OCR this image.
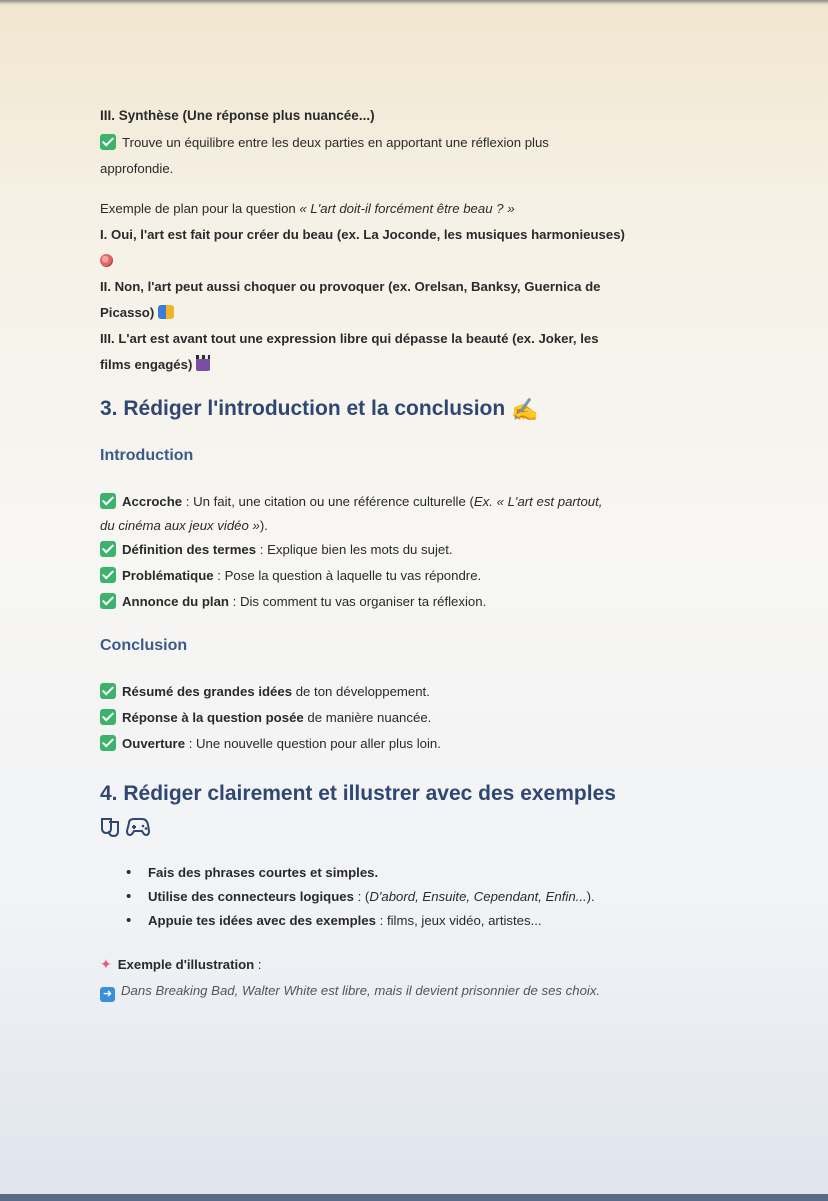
III. Synthèse (Une réponse plus nuancée...)

Trouve un équilibre entre les deux parties en apportant une réflexion plus

approfondie.

Exemple de plan pour la question « L'art doit-il forcément être beau ? »

I. Oui, l'art est fait pour créer du beau (ex. La Joconde, les musiques harmonieuses)

II. Non, l'art peut aussi choquer ou provoquer (ex. Orelsan, Banksy, Guernica de

Picasso)

III. L'art est avant tout une expression libre qui dépasse la beauté (ex. Joker, les

films engagés)

3. Rédiger l'introduction et la conclusion ✍

Introduction

Accroche : Un fait, une citation ou une référence culturelle (Ex. « L'art est partout,

du cinéma aux jeux vidéo »).

Définition des termes : Explique bien les mots du sujet.

Problématique : Pose la question à laquelle tu vas répondre.

Annonce du plan : Dis comment tu vas organiser ta réflexion.

Conclusion

Résumé des grandes idées de ton développement.

Réponse à la question posée de manière nuancée.

Ouverture : Une nouvelle question pour aller plus loin.

4. Rédiger clairement et illustrer avec des exemples

• Fais des phrases courtes et simples.
• Utilise des connecteurs logiques : (D'abord, Ensuite, Cependant, Enfin...).
• Appuie tes idées avec des exemples : films, jeux vidéo, artistes...

✦ Exemple d'illustration :

➜ Dans Breaking Bad, Walter White est libre, mais il devient prisonnier de ses choix.
